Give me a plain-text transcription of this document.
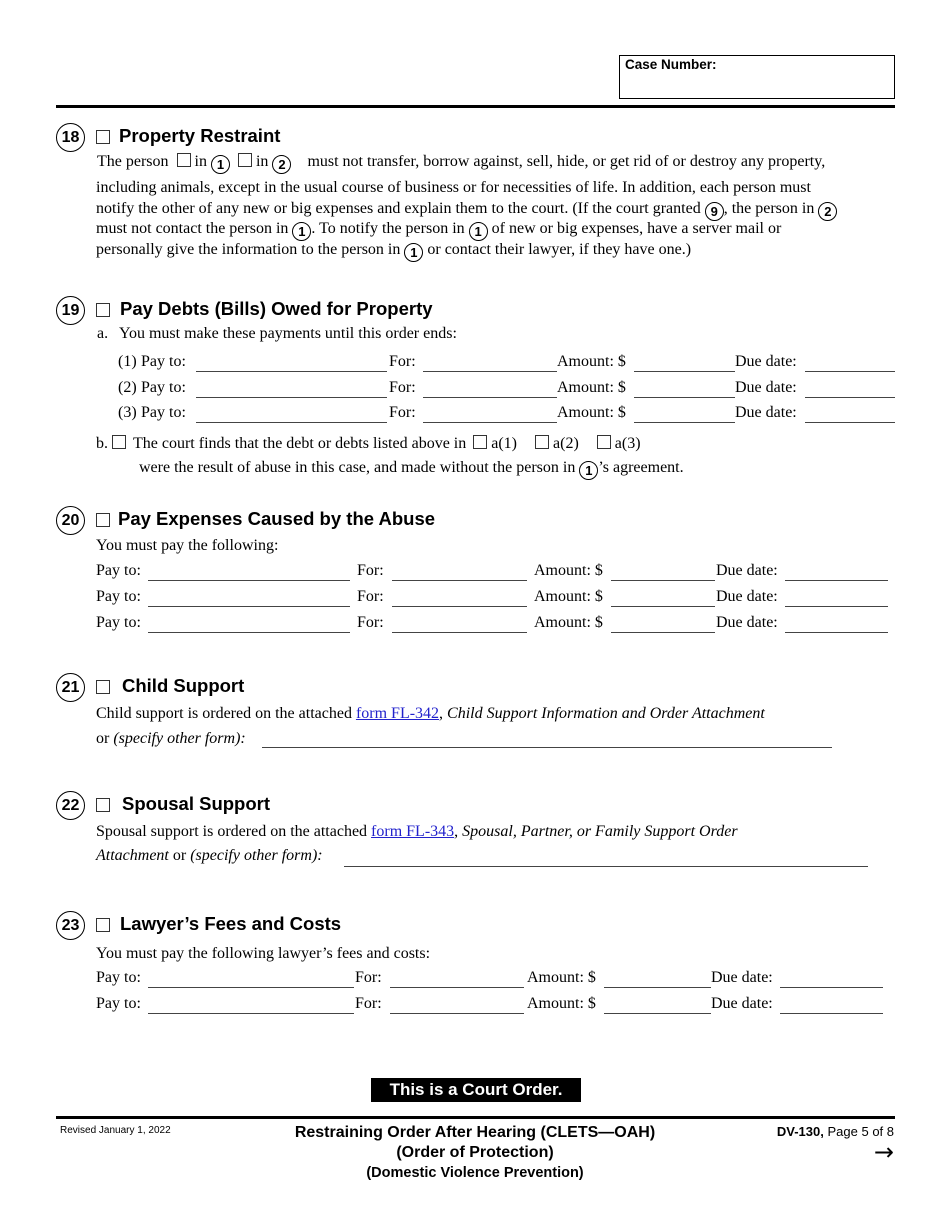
Case Number:
18	Property Restraint
The person in 1 in 2 must not transfer, borrow against, sell, hide, or get rid of or destroy any property,
including animals, except in the usual course of business or for necessities of life. In addition, each person must
notify the other of any new or big expenses and explain them to the court. (If the court granted 9 , the person in 2
must not contact the person in 1 . To notify the person in 1 of new or big expenses, have a server mail or
personally give the information to the person in 1 or contact their lawyer, if they have one.)
19	Pay Debts (Bills) Owed for Property
a. You must make these payments until this order ends:
(1) Pay to:	For:	Amount: $	Due date:
(2) Pay to:	For:	Amount: $	Due date:
(3) Pay to:	For:	Amount: $	Due date:
b. The court finds that the debt or debts listed above in a(1) a(2) a(3)
were the result of abuse in this case, and made without the person in 1 ’s agreement.
20	Pay Expenses Caused by the Abuse
You must pay the following:
Pay to:	For:	Amount: $	Due date:
Pay to:	For:	Amount: $	Due date:
Pay to:	For:	Amount: $	Due date:
21	Child Support
Child support is ordered on the attached form FL-342, Child Support Information and Order Attachment
or (specify other form):
22	Spousal Support
Spousal support is ordered on the attached form FL-343, Spousal, Partner, or Family Support Order
Attachment or (specify other form):
23	Lawyer’s Fees and Costs
You must pay the following lawyer’s fees and costs:
Pay to:	For:	Amount: $	Due date:
Pay to:	For:	Amount: $	Due date:
This is a Court Order.
Revised January 1, 2022	Restraining Order After Hearing (CLETS—OAH)
(Order of Protection)
(Domestic Violence Prevention)
DV-130, Page 5 of 8
→
